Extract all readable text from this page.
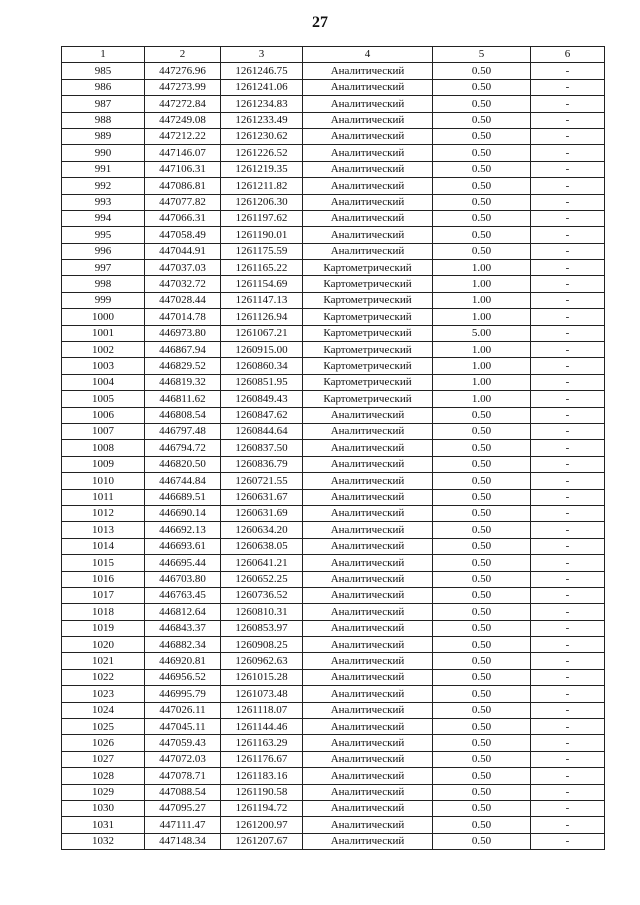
27
1	2	3	4	5	6
985	447276.96	1261246.75	Аналитический	0.50	-
986	447273.99	1261241.06	Аналитический	0.50	-
987	447272.84	1261234.83	Аналитический	0.50	-
988	447249.08	1261233.49	Аналитический	0.50	-
989	447212.22	1261230.62	Аналитический	0.50	-
990	447146.07	1261226.52	Аналитический	0.50	-
991	447106.31	1261219.35	Аналитический	0.50	-
992	447086.81	1261211.82	Аналитический	0.50	-
993	447077.82	1261206.30	Аналитический	0.50	-
994	447066.31	1261197.62	Аналитический	0.50	-
995	447058.49	1261190.01	Аналитический	0.50	-
996	447044.91	1261175.59	Аналитический	0.50	-
997	447037.03	1261165.22	Картометрический	1.00	-
998	447032.72	1261154.69	Картометрический	1.00	-
999	447028.44	1261147.13	Картометрический	1.00	-
1000	447014.78	1261126.94	Картометрический	1.00	-
1001	446973.80	1261067.21	Картометрический	5.00	-
1002	446867.94	1260915.00	Картометрический	1.00	-
1003	446829.52	1260860.34	Картометрический	1.00	-
1004	446819.32	1260851.95	Картометрический	1.00	-
1005	446811.62	1260849.43	Картометрический	1.00	-
1006	446808.54	1260847.62	Аналитический	0.50	-
1007	446797.48	1260844.64	Аналитический	0.50	-
1008	446794.72	1260837.50	Аналитический	0.50	-
1009	446820.50	1260836.79	Аналитический	0.50	-
1010	446744.84	1260721.55	Аналитический	0.50	-
1011	446689.51	1260631.67	Аналитический	0.50	-
1012	446690.14	1260631.69	Аналитический	0.50	-
1013	446692.13	1260634.20	Аналитический	0.50	-
1014	446693.61	1260638.05	Аналитический	0.50	-
1015	446695.44	1260641.21	Аналитический	0.50	-
1016	446703.80	1260652.25	Аналитический	0.50	-
1017	446763.45	1260736.52	Аналитический	0.50	-
1018	446812.64	1260810.31	Аналитический	0.50	-
1019	446843.37	1260853.97	Аналитический	0.50	-
1020	446882.34	1260908.25	Аналитический	0.50	-
1021	446920.81	1260962.63	Аналитический	0.50	-
1022	446956.52	1261015.28	Аналитический	0.50	-
1023	446995.79	1261073.48	Аналитический	0.50	-
1024	447026.11	1261118.07	Аналитический	0.50	-
1025	447045.11	1261144.46	Аналитический	0.50	-
1026	447059.43	1261163.29	Аналитический	0.50	-
1027	447072.03	1261176.67	Аналитический	0.50	-
1028	447078.71	1261183.16	Аналитический	0.50	-
1029	447088.54	1261190.58	Аналитический	0.50	-
1030	447095.27	1261194.72	Аналитический	0.50	-
1031	447111.47	1261200.97	Аналитический	0.50	-
1032	447148.34	1261207.67	Аналитический	0.50	-
